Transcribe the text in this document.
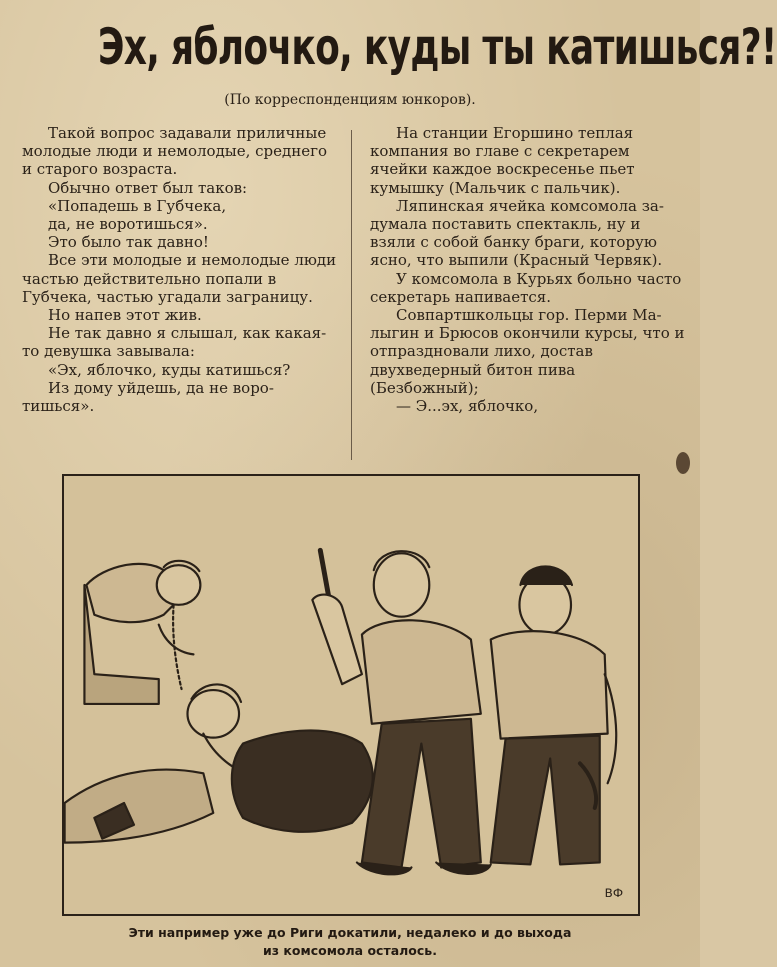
Эх, яблочко, куды ты катишься?!
(По корреспонденциям юнкоров).

Такой вопрос задавали приличные молодые люди и немолодые, среднего и старого возраста.

Обычно ответ был таков:

«Попадешь в Губчека,

да, не воротишься».

Это было так давно!

Все эти молодые и немолодые люди частью действительно попали в Губчека, частью угадали заграницу.

Но напев этот жив.

Не так давно я слышал, как какая-то девушка завывала:

«Эх, яблочко, куды катишься?

Из дому уйдешь, да не воротишься».

На станции Егоршино теплая компания во главе с секретарем ячейки каждое воскресенье пьет кумышку (Мальчик с пальчик).

Ляпинская ячейка комсомола задумала поставить спектакль, ну и взяли с собой банку браги, которую ясно, что выпили (Красный Червяк).

У комсомола в Курьях больно часто секретарь напивается.

Совпартшкольцы гор. Перми Малыгин и Брюсов окончили курсы, что и отпраздновали лихо, достав двухведерный битон пива (Безбожный);

— Э...эх, яблочко,

ВФ
Эти например уже до Риги докатили, недалеко и до выхода
из комсомола осталось.
